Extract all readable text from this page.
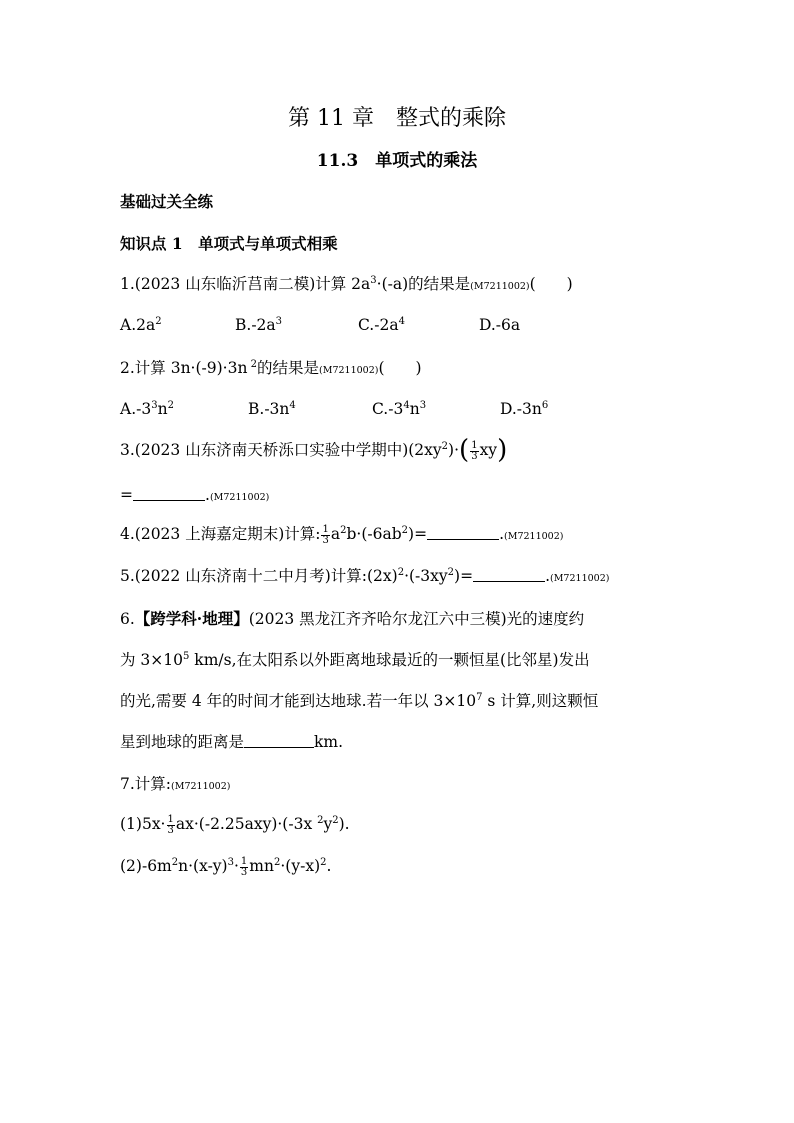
第 11 章　整式的乘除
11.3　单项式的乘法
基础过关全练
知识点 1　单项式与单项式相乘
1.(2023 山东临沂莒南二模)计算 $2a^3\cdot(-a)$的结果是(M7211002)(　　)
$A.2a^2$	$B.-2a^3$	$C.-2a^4$	D.-6a
2.计算 3n·(-9)·3n $^2$的结果是(M7211002)(　　)
$A.-3^3n^2$	$B.-3n^4$	$C.-3^4n^3$	$D.-3n^6$
3.(2023 山东济南天桥泺口实验中学期中)$(2xy^2)\cdot( \frac{1}{3} xy)$
=	.(M7211002)
4.(2023 上海嘉定期末)计算: $\frac{1}{3} a^2b\cdot(-6ab^2)=$	.(M7211002)
5.(2022 山东济南十二中月考)计算$:(2x)^2\cdot(-3xy^2)=$	.(M7211002)
6.【跨学科·地理】(2023 黑龙江齐齐哈尔龙江六中三模)光的速度约
为 $3\times 10^5$ km/s,在太阳系以外距离地球最近的一颗恒星(比邻星)发出
的光,需要 4 年的时间才能到达地球.若一年以 $3\times 10^7$ s 计算,则这颗恒
星到地球的距离是	km.
7.计算:(M7211002)
$(1)5x\cdot \frac{1}{3} ax\cdot(-2.25axy)\cdot(-3x$ $^2y^2$).
$(2)-6m^2n\cdot(x-y)^3\cdot \frac{1}{3} mn^2\cdot(y-x)^2$.
